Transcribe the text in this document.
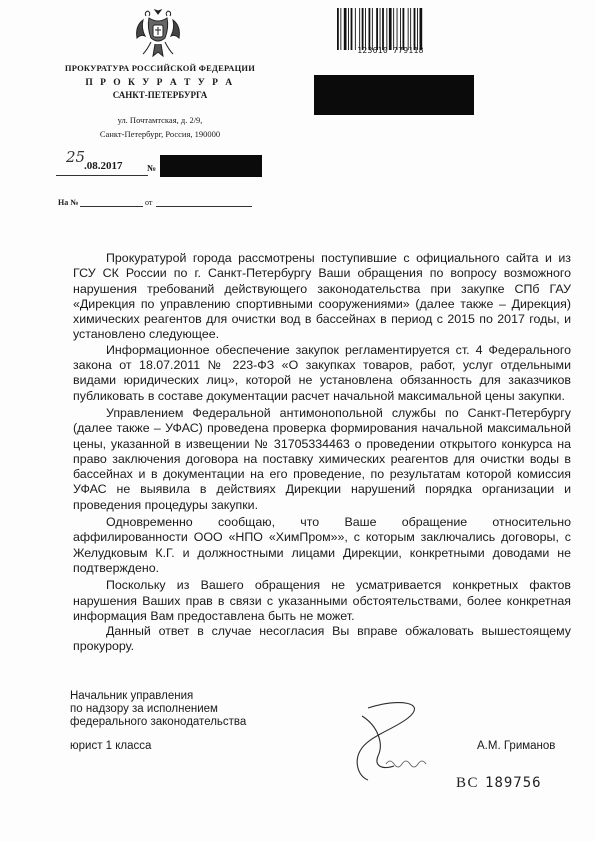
ПРОКУРАТУРА РОССИЙСКОЙ ФЕДЕРАЦИИ
П Р О К У Р А Т У Р А
САНКТ-ПЕТЕРБУРГА
ул. Почтамтская, д. 2/9,
Санкт-Петербург, Россия, 190000
123610 779118
25
.08.2017	№
На №	от

Прокуратурой города рассмотрены поступившие с официального сайта и из ГСУ СК России по г. Санкт-Петербургу Ваши обращения по вопросу возможного нарушения требований действующего законодательства при закупке СПб ГАУ «Дирекция по управлению спортивными сооружениями» (далее также – Дирекция) химических реагентов для очистки вод в бассейнах в период с 2015 по 2017 годы, и установлено следующее.

Информационное обеспечение закупок регламентируется ст. 4 Федерального закона от 18.07.2011 № 223-ФЗ «О закупках товаров, работ, услуг отдельными видами юридических лиц», которой не установлена обязанность для заказчиков публиковать в составе документации расчет начальной максимальной цены закупки.

Управлением Федеральной антимонопольной службы по Санкт-Петербургу (далее также – УФАС) проведена проверка формирования начальной максимальной цены, указанной в извещении № 31705334463 о проведении открытого конкурса на право заключения договора на поставку химических реагентов для очистки воды в бассейнах и в документации на его проведение, по результатам которой комиссия УФАС не выявила в действиях Дирекции нарушений порядка организации и проведения процедуры закупки.

Одновременно сообщаю, что Ваше обращение относительно аффилированности ООО «НПО «ХимПром»», с которым заключались договоры, с Желудковым К.Г. и должностными лицами Дирекции, конкретными доводами не подтверждено.

Поскольку из Вашего обращения не усматривается конкретных фактов нарушения Ваших прав в связи с указанными обстоятельствами, более конкретная информация Вам предоставлена быть не может.

Данный ответ в случае несогласия Вы вправе обжаловать вышестоящему прокурору.

Начальник управления
по надзору за исполнением
федерального законодательства
юрист 1 класса	А.М. Гриманов
ВС 189756
